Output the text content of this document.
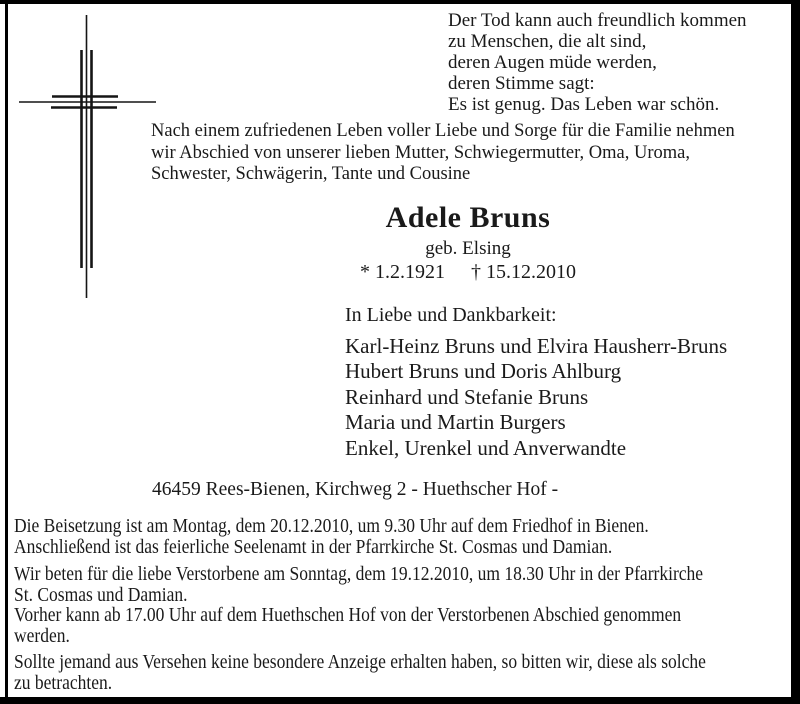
Der Tod kann auch freundlich kommen
zu Menschen, die alt sind,
deren Augen müde werden,
deren Stimme sagt:
Es ist genug. Das Leben war schön.
Nach einem zufriedenen Leben voller Liebe und Sorge für die Familie nehmen
wir Abschied von unserer lieben Mutter, Schwiegermutter, Oma, Uroma,
Schwester, Schwägerin, Tante und Cousine
Adele Bruns
geb. Elsing
* 1.2.1921 † 15.12.2010
In Liebe und Dankbarkeit:
Karl-Heinz Bruns und Elvira Hausherr-Bruns
Hubert Bruns und Doris Ahlburg
Reinhard und Stefanie Bruns
Maria und Martin Burgers
Enkel, Urenkel und Anverwandte
46459 Rees-Bienen, Kirchweg 2 - Huethscher Hof -
Die Beisetzung ist am Montag, dem 20.12.2010, um 9.30 Uhr auf dem Friedhof in Bienen.
Anschließend ist das feierliche Seelenamt in der Pfarrkirche St. Cosmas und Damian.
Wir beten für die liebe Verstorbene am Sonntag, dem 19.12.2010, um 18.30 Uhr in der Pfarrkirche
St. Cosmas und Damian.
Vorher kann ab 17.00 Uhr auf dem Huethschen Hof von der Verstorbenen Abschied genommen
werden.
Sollte jemand aus Versehen keine besondere Anzeige erhalten haben, so bitten wir, diese als solche
zu betrachten.
